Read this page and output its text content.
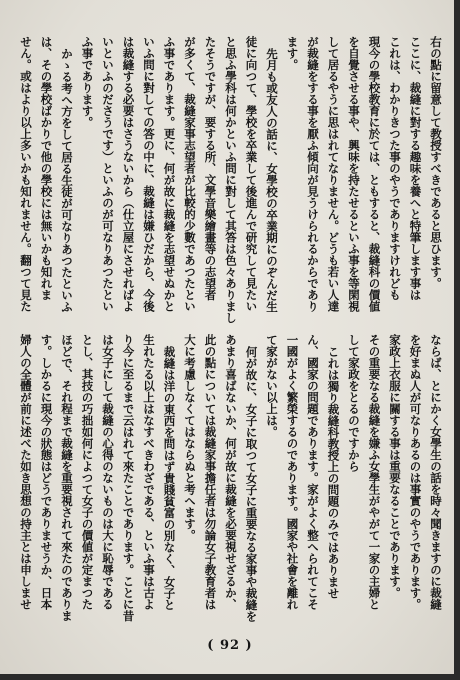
右の點に留意して教授すべきであると思ひます。
ここに、裁縫に對する趣味を養へと特筆します事は
これは、わかりきつた事のやうでありますけれども
現今の學校教育に於ては、ともすると、裁縫科の價値
を自覺させる事や、興味を持たせるといふ事を等閑視
して居るやうに思はれてなりません。どうも若い人達
が裁縫をする事を厭ふ傾向が見うけられるからであり
ます。
先月も或友人の話に、女學校の卒業期にのぞんだ生
徒に向つて、學校を卒業して後進んで研究して見たい
と思ふ學科は何かといふ問に對して其答は色々ありまし
たそうですが、要する所、文學音樂繪畫等の志望者
が多くて、裁縫家事志望者が比較的少數であつたとい
ふ事であります。更に、何が故に裁縫を志望せぬかと
いふ問に對しての答の中に、裁縫は嫌ひだから、今後
は裁縫する必要はさうないから（仕立屋にさせればよ
いといふのださうです）といふのが可なりあつたとい
ふ事であります。
かゝる考へ方をして居る生徒が可なりあつたといふ
は、その學校ばかりで他の學校には無いかも知れま
せん。或はより以上多いかも知れません。翻つて見た
ならば、とにかく女學生の話を時々聞きますのに裁縫
を好まぬ人が可なりあるのは事實のやうであります。
家政上衣服に關する事は重要なることであります。
その重要なる裁縫を嫌ふ女學生がやがて一家の主婦と
して家政をとるのですから
これは獨り裁縫科教授上の問題のみではありませ
ん、國家の問題であります。家がよく整へられてこそ
一國がよく繁榮するのであります。國家や社會を離れ
て家がない以上は。
何が故に、女子に取つて女子に重要なる家事や裁縫を
あまり喜ばないか、何が故に裁縫を必要視せざるか、
此の點については裁縫家事擔任者は勿論女子教育者は
大に考慮しなくてはならぬと考へます。
裁縫は洋の東西を問はず貴賤貧富の別なく、女子と
生れたる以上はなすべきわざである、といふ事は古よ
り今に至るまで云はれて來たことであります。ことに昔
は女子にして裁縫の心得のないものは大に恥辱である
とし、其技の巧拙如何によつて女子の價値が定まつた
ほどで、それ程まで裁縫を重要視されて來たのでありま
す。しかるに現今の狀態はどうでありませうか、日本
婦人の全體が前に述べた如き思想の持主とは申しませ
( 92 )
